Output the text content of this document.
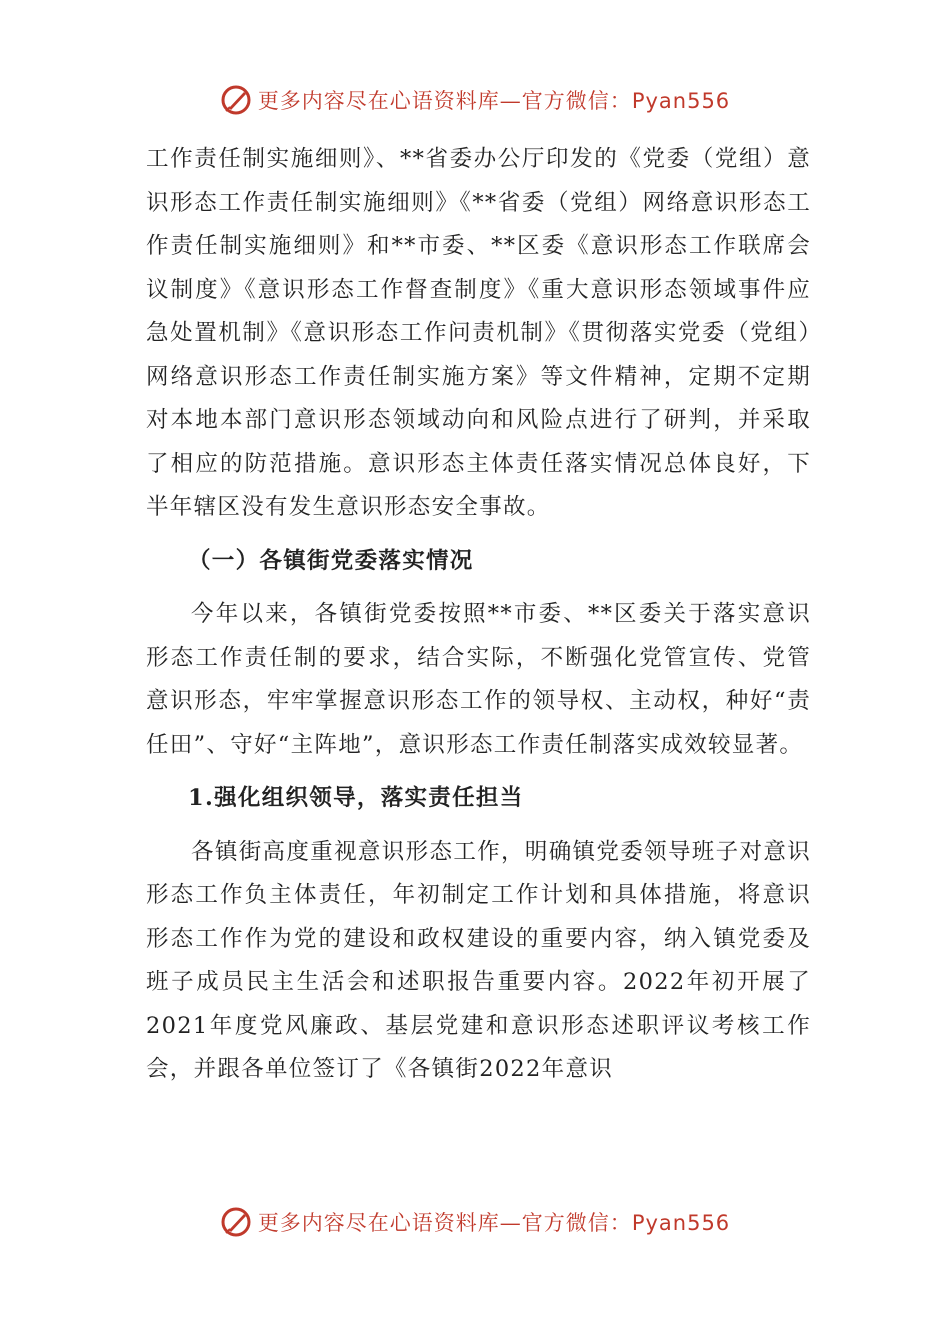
更多内容尽在心语资料库—官方微信：Pyan556

工作责任制实施细则》、**省委办公厅印发的《党委（党组）意识形态工作责任制实施细则》《**省委（党组）网络意识形态工作责任制实施细则》和**市委、**区委《意识形态工作联席会议制度》《意识形态工作督查制度》《重大意识形态领域事件应急处置机制》《意识形态工作问责机制》《贯彻落实党委（党组）网络意识形态工作责任制实施方案》等文件精神，定期不定期对本地本部门意识形态领域动向和风险点进行了研判，并采取了相应的防范措施。意识形态主体责任落实情况总体良好，下半年辖区没有发生意识形态安全事故。

（一）各镇街党委落实情况

今年以来，各镇街党委按照**市委、**区委关于落实意识形态工作责任制的要求，结合实际，不断强化党管宣传、党管意识形态，牢牢掌握意识形态工作的领导权、主动权，种好“责任田”、守好“主阵地”，意识形态工作责任制落实成效较显著。

1.强化组织领导，落实责任担当

各镇街高度重视意识形态工作，明确镇党委领导班子对意识形态工作负主体责任，年初制定工作计划和具体措施，将意识形态工作作为党的建设和政权建设的重要内容，纳入镇党委及班子成员民主生活会和述职报告重要内容。2022年初开展了2021年度党风廉政、基层党建和意识形态述职评议考核工作会，并跟各单位签订了《各镇街2022年意识

更多内容尽在心语资料库—官方微信：Pyan556
